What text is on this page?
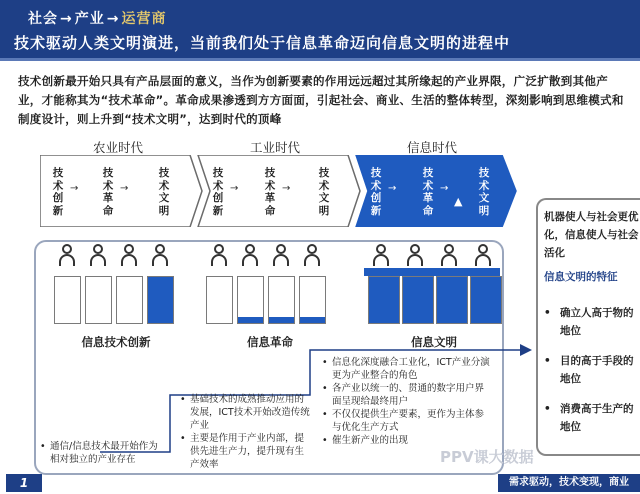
社会 → 产业 → 运营商
技术驱动人类文明演进，当前我们处于信息革命迈向信息文明的进程中
技术创新最开始只具有产品层面的意义，当作为创新要素的作用远远超过其所缘起的产业界限，广泛扩散到其他产业，才能称其为“技术革命”。革命成果渗透到方方面面，引起社会、商业、生活的整体转型，深刻影响到思维模式和制度设计，则上升到“技术文明”，达到时代的顶峰
农业时代	工业时代	信息时代
技
术
创
新
→
技
术
革
命
→
技
术
文
明
技
术
创
新
→
技
术
革
命
→
技
术
文
明
技
术
创
新
→
技
术
革
命
→
▲
技
术
文
明
信息技术创新	信息革命	信息文明
• 通信/信息技术最开始作为相对独立的产业存在
• 基础技术的成熟推动应用的发展，ICT技术开始改造传统产业
• 主要是作用于产业内部，提供先进生产力，提升现有生产效率
• 信息化深度融合工业化，ICT产业分演更为产业整合的角色
• 各产业以统一的、贯通的数字用户界面呈现给最终用户
• 不仅仅提供生产要素，更作为主体参与优化生产方式
• 催生新产业的出现
机器使人与社会更优化，信息使人与社会活化
信息文明的特征
• 确立人高于物的地位
• 目的高于手段的地位
• 消费高于生产的地位
PPV课大数据
1	需求驱动，技术变现，商业
